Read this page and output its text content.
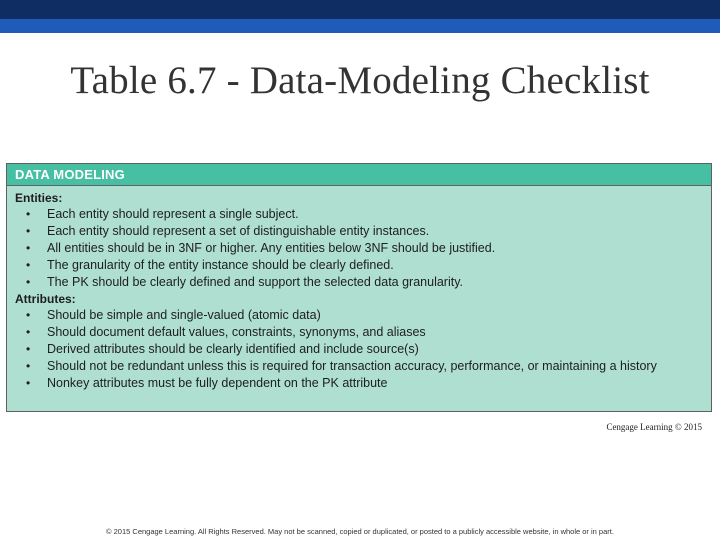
Table 6.7 - Data-Modeling Checklist
DATA MODELING
Entities:
• Each entity should represent a single subject.
• Each entity should represent a set of distinguishable entity instances.
• All entities should be in 3NF or higher. Any entities below 3NF should be justified.
• The granularity of the entity instance should be clearly defined.
• The PK should be clearly defined and support the selected data granularity.
Attributes:
• Should be simple and single-valued (atomic data)
• Should document default values, constraints, synonyms, and aliases
• Derived attributes should be clearly identified and include source(s)
• Should not be redundant unless this is required for transaction accuracy, performance, or maintaining a history
• Nonkey attributes must be fully dependent on the PK attribute
Cengage Learning © 2015
© 2015 Cengage Learning. All Rights Reserved. May not be scanned, copied or duplicated, or posted to a publicly accessible website, in whole or in part.
